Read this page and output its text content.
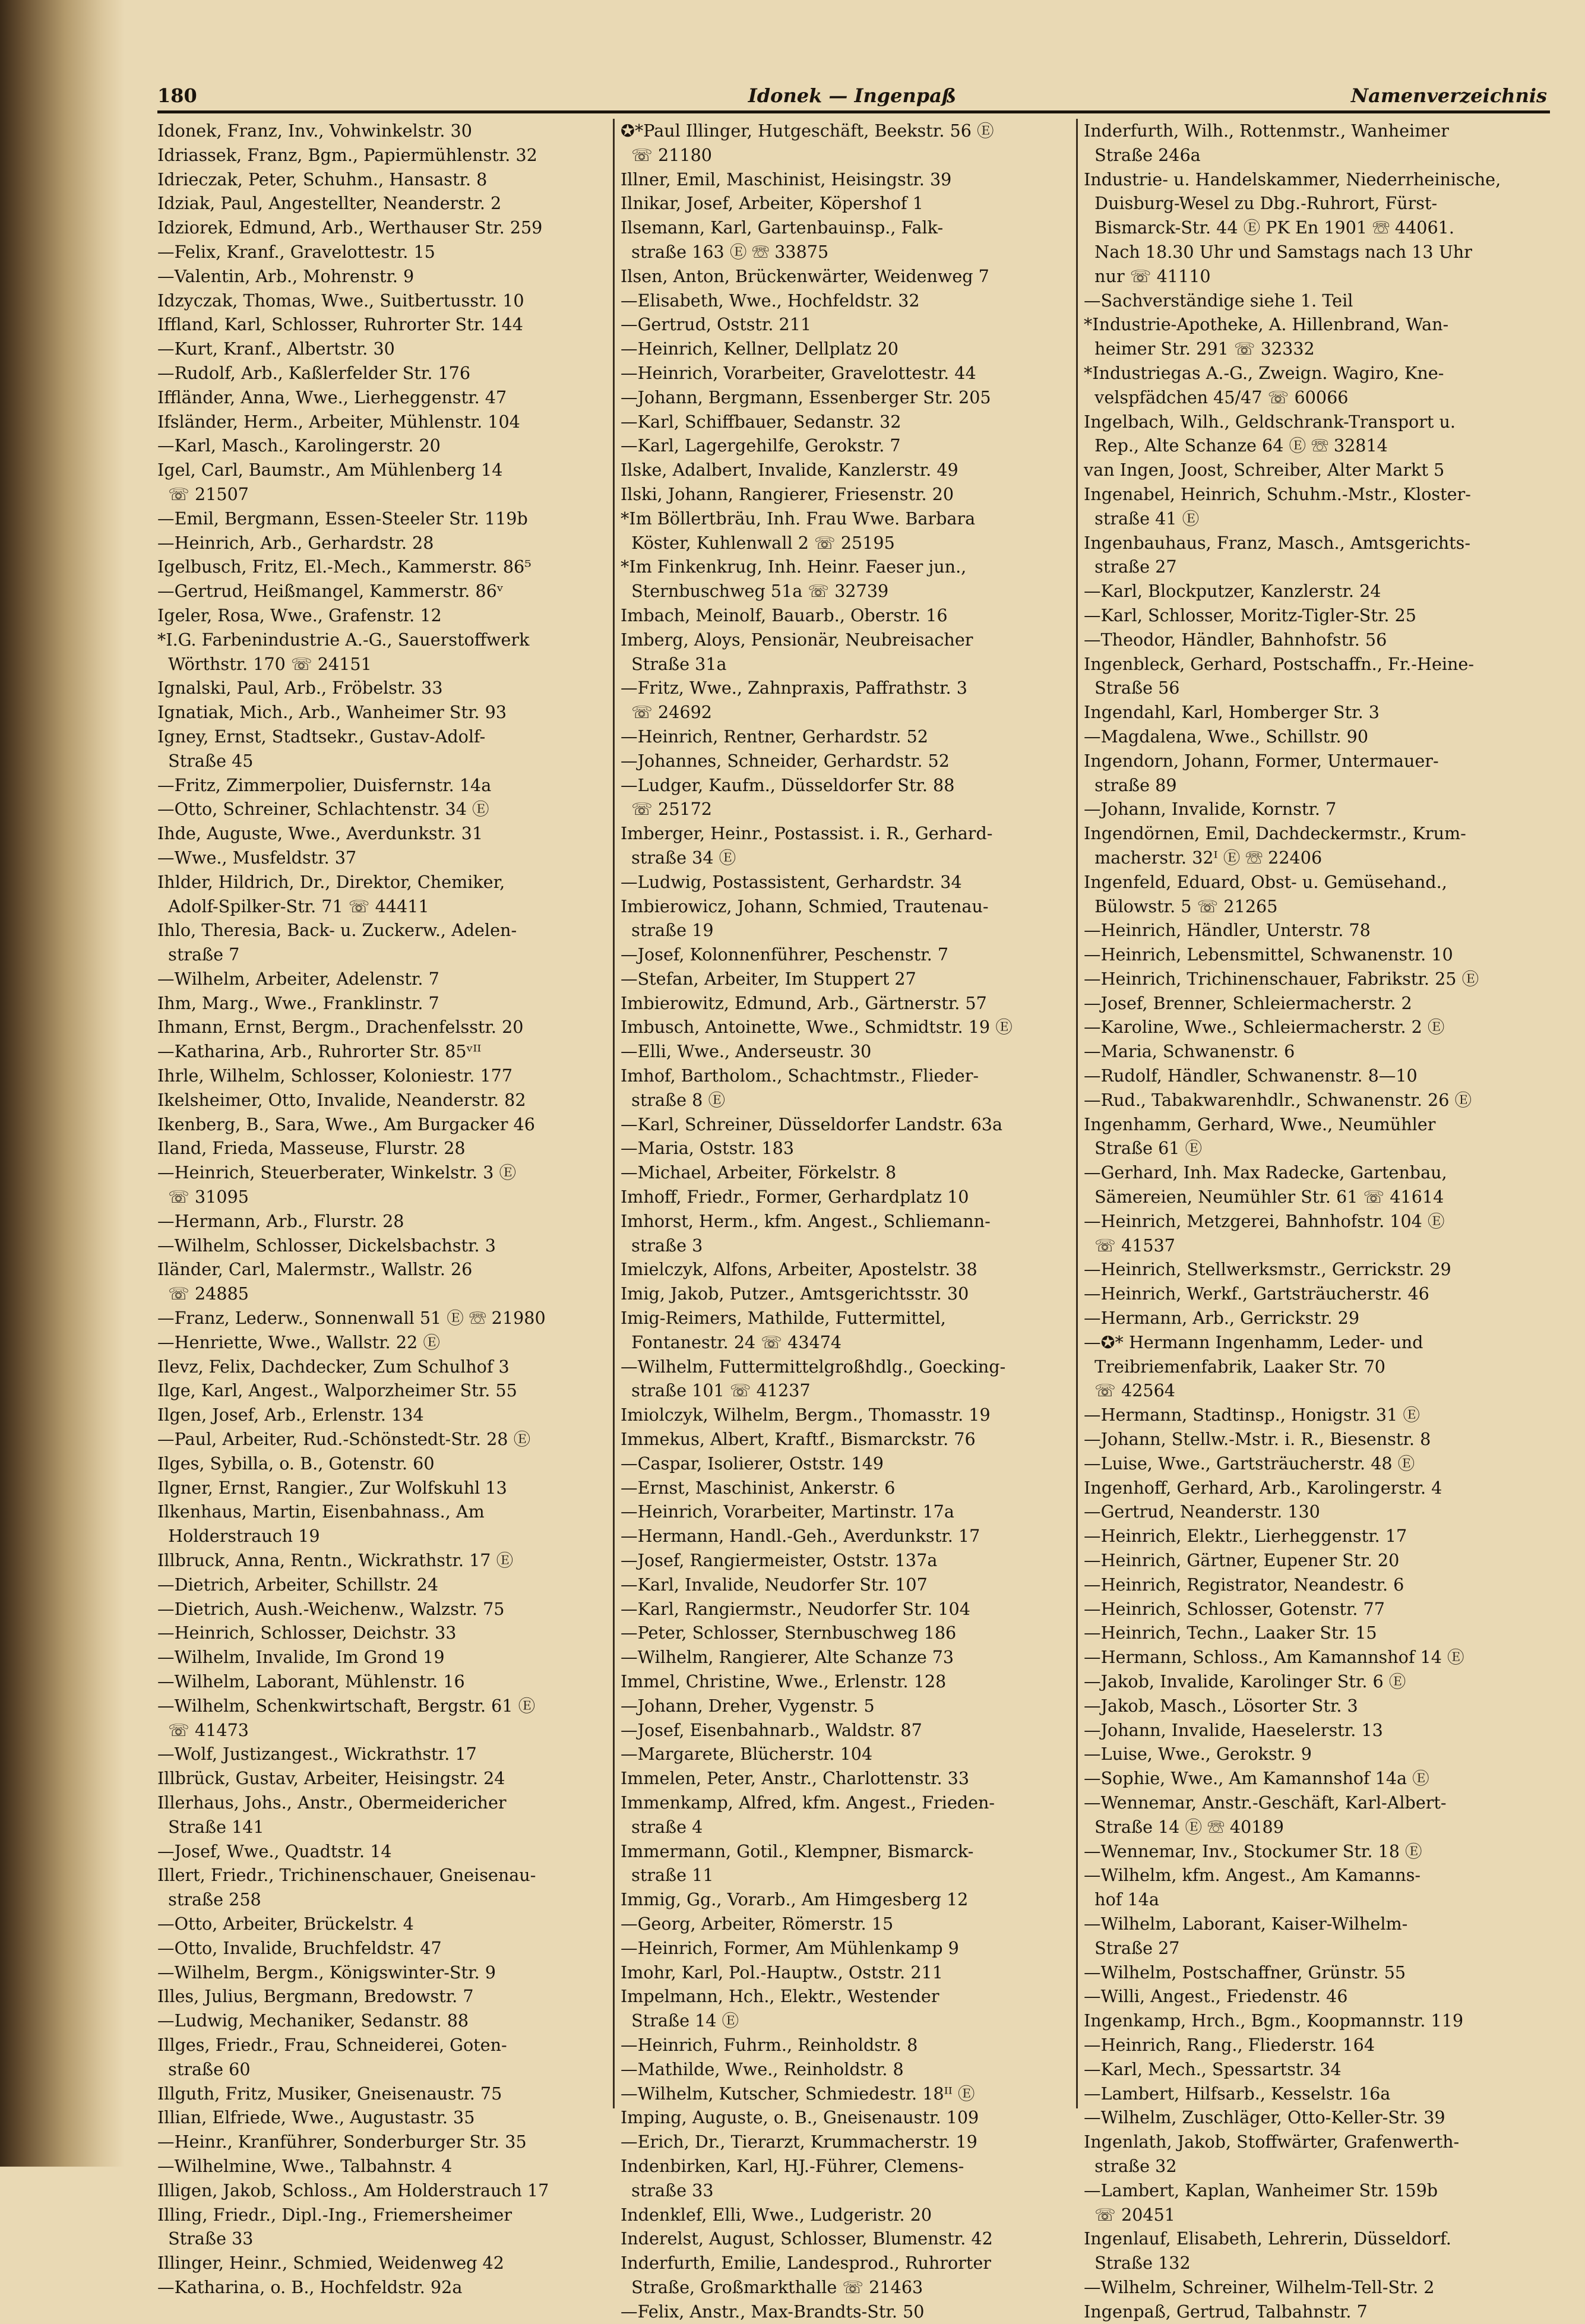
180	Idonek — Ingenpaß	Namenverzeichnis
Idonek, Franz, Inv., Vohwinkelstr. 30
Idriassek, Franz, Bgm., Papiermühlenstr. 32
Idrieczak, Peter, Schuhm., Hansastr. 8
Idziak, Paul, Angestellter, Neanderstr. 2
Idziorek, Edmund, Arb., Werthauser Str. 259
—Felix, Kranf., Gravelottestr. 15
—Valentin, Arb., Mohrenstr. 9
Idzyczak, Thomas, Wwe., Suitbertusstr. 10
Iffland, Karl, Schlosser, Ruhrorter Str. 144
—Kurt, Kranf., Albertstr. 30
—Rudolf, Arb., Kaßlerfelder Str. 176
Iffländer, Anna, Wwe., Lierheggenstr. 47
Ifsländer, Herm., Arbeiter, Mühlenstr. 104
—Karl, Masch., Karolingerstr. 20
Igel, Carl, Baumstr., Am Mühlenberg 14
☏ 21507
—Emil, Bergmann, Essen-Steeler Str. 119b
—Heinrich, Arb., Gerhardstr. 28
Igelbusch, Fritz, El.-Mech., Kammerstr. 86⁵
—Gertrud, Heißmangel, Kammerstr. 86ᵛ
Igeler, Rosa, Wwe., Grafenstr. 12
*I.G. Farbenindustrie A.-G., Sauerstoffwerk
Wörthstr. 170 ☏ 24151
Ignalski, Paul, Arb., Fröbelstr. 33
Ignatiak, Mich., Arb., Wanheimer Str. 93
Igney, Ernst, Stadtsekr., Gustav-Adolf-
Straße 45
—Fritz, Zimmerpolier, Duisfernstr. 14a
—Otto, Schreiner, Schlachtenstr. 34 Ⓔ
Ihde, Auguste, Wwe., Averdunkstr. 31
—Wwe., Musfeldstr. 37
Ihlder, Hildrich, Dr., Direktor, Chemiker,
Adolf-Spilker-Str. 71 ☏ 44411
Ihlo, Theresia, Back- u. Zuckerw., Adelen-
straße 7
—Wilhelm, Arbeiter, Adelenstr. 7
Ihm, Marg., Wwe., Franklinstr. 7
Ihmann, Ernst, Bergm., Drachenfelsstr. 20
—Katharina, Arb., Ruhrorter Str. 85ᵛᴵᴵ
Ihrle, Wilhelm, Schlosser, Koloniestr. 177
Ikelsheimer, Otto, Invalide, Neanderstr. 82
Ikenberg, B., Sara, Wwe., Am Burgacker 46
Iland, Frieda, Masseuse, Flurstr. 28
—Heinrich, Steuerberater, Winkelstr. 3 Ⓔ
☏ 31095
—Hermann, Arb., Flurstr. 28
—Wilhelm, Schlosser, Dickelsbachstr. 3
Iländer, Carl, Malermstr., Wallstr. 26
☏ 24885
—Franz, Lederw., Sonnenwall 51 Ⓔ ☏ 21980
—Henriette, Wwe., Wallstr. 22 Ⓔ
Ilevz, Felix, Dachdecker, Zum Schulhof 3
Ilge, Karl, Angest., Walporzheimer Str. 55
Ilgen, Josef, Arb., Erlenstr. 134
—Paul, Arbeiter, Rud.-Schönstedt-Str. 28 Ⓔ
Ilges, Sybilla, o. B., Gotenstr. 60
Ilgner, Ernst, Rangier., Zur Wolfskuhl 13
Ilkenhaus, Martin, Eisenbahnass., Am
Holderstrauch 19
Illbruck, Anna, Rentn., Wickrathstr. 17 Ⓔ
—Dietrich, Arbeiter, Schillstr. 24
—Dietrich, Aush.-Weichenw., Walzstr. 75
—Heinrich, Schlosser, Deichstr. 33
—Wilhelm, Invalide, Im Grond 19
—Wilhelm, Laborant, Mühlenstr. 16
—Wilhelm, Schenkwirtschaft, Bergstr. 61 Ⓔ
☏ 41473
—Wolf, Justizangest., Wickrathstr. 17
Illbrück, Gustav, Arbeiter, Heisingstr. 24
Illerhaus, Johs., Anstr., Obermeidericher
Straße 141
—Josef, Wwe., Quadtstr. 14
Illert, Friedr., Trichinenschauer, Gneisenau-
straße 258
—Otto, Arbeiter, Brückelstr. 4
—Otto, Invalide, Bruchfeldstr. 47
—Wilhelm, Bergm., Königswinter-Str. 9
Illes, Julius, Bergmann, Bredowstr. 7
—Ludwig, Mechaniker, Sedanstr. 88
Illges, Friedr., Frau, Schneiderei, Goten-
straße 60
Illguth, Fritz, Musiker, Gneisenaustr. 75
Illian, Elfriede, Wwe., Augustastr. 35
—Heinr., Kranführer, Sonderburger Str. 35
—Wilhelmine, Wwe., Talbahnstr. 4
Illigen, Jakob, Schloss., Am Holderstrauch 17
Illing, Friedr., Dipl.-Ing., Friemersheimer
Straße 33
Illinger, Heinr., Schmied, Weidenweg 42
—Katharina, o. B., Hochfeldstr. 92a
✪*Paul Illinger, Hutgeschäft, Beekstr. 56 Ⓔ
☏ 21180
Illner, Emil, Maschinist, Heisingstr. 39
Ilnikar, Josef, Arbeiter, Köpershof 1
Ilsemann, Karl, Gartenbauinsp., Falk-
straße 163 Ⓔ ☏ 33875
Ilsen, Anton, Brückenwärter, Weidenweg 7
—Elisabeth, Wwe., Hochfeldstr. 32
—Gertrud, Oststr. 211
—Heinrich, Kellner, Dellplatz 20
—Heinrich, Vorarbeiter, Gravelottestr. 44
—Johann, Bergmann, Essenberger Str. 205
—Karl, Schiffbauer, Sedanstr. 32
—Karl, Lagergehilfe, Gerokstr. 7
Ilske, Adalbert, Invalide, Kanzlerstr. 49
Ilski, Johann, Rangierer, Friesenstr. 20
*Im Böllertbräu, Inh. Frau Wwe. Barbara
Köster, Kuhlenwall 2 ☏ 25195
*Im Finkenkrug, Inh. Heinr. Faeser jun.,
Sternbuschweg 51a ☏ 32739
Imbach, Meinolf, Bauarb., Oberstr. 16
Imberg, Aloys, Pensionär, Neubreisacher
Straße 31a
—Fritz, Wwe., Zahnpraxis, Paffrathstr. 3
☏ 24692
—Heinrich, Rentner, Gerhardstr. 52
—Johannes, Schneider, Gerhardstr. 52
—Ludger, Kaufm., Düsseldorfer Str. 88
☏ 25172
Imberger, Heinr., Postassist. i. R., Gerhard-
straße 34 Ⓔ
—Ludwig, Postassistent, Gerhardstr. 34
Imbierowicz, Johann, Schmied, Trautenau-
straße 19
—Josef, Kolonnenführer, Peschenstr. 7
—Stefan, Arbeiter, Im Stuppert 27
Imbierowitz, Edmund, Arb., Gärtnerstr. 57
Imbusch, Antoinette, Wwe., Schmidtstr. 19 Ⓔ
—Elli, Wwe., Anderseustr. 30
Imhof, Bartholom., Schachtmstr., Flieder-
straße 8 Ⓔ
—Karl, Schreiner, Düsseldorfer Landstr. 63a
—Maria, Oststr. 183
—Michael, Arbeiter, Förkelstr. 8
Imhoff, Friedr., Former, Gerhardplatz 10
Imhorst, Herm., kfm. Angest., Schliemann-
straße 3
Imielczyk, Alfons, Arbeiter, Apostelstr. 38
Imig, Jakob, Putzer., Amtsgerichtsstr. 30
Imig-Reimers, Mathilde, Futtermittel,
Fontanestr. 24 ☏ 43474
—Wilhelm, Futtermittelgroßhdlg., Goecking-
straße 101 ☏ 41237
Imiolczyk, Wilhelm, Bergm., Thomasstr. 19
Immekus, Albert, Kraftf., Bismarckstr. 76
—Caspar, Isolierer, Oststr. 149
—Ernst, Maschinist, Ankerstr. 6
—Heinrich, Vorarbeiter, Martinstr. 17a
—Hermann, Handl.-Geh., Averdunkstr. 17
—Josef, Rangiermeister, Oststr. 137a
—Karl, Invalide, Neudorfer Str. 107
—Karl, Rangiermstr., Neudorfer Str. 104
—Peter, Schlosser, Sternbuschweg 186
—Wilhelm, Rangierer, Alte Schanze 73
Immel, Christine, Wwe., Erlenstr. 128
—Johann, Dreher, Vygenstr. 5
—Josef, Eisenbahnarb., Waldstr. 87
—Margarete, Blücherstr. 104
Immelen, Peter, Anstr., Charlottenstr. 33
Immenkamp, Alfred, kfm. Angest., Frieden-
straße 4
Immermann, Gotil., Klempner, Bismarck-
straße 11
Immig, Gg., Vorarb., Am Himgesberg 12
—Georg, Arbeiter, Römerstr. 15
—Heinrich, Former, Am Mühlenkamp 9
Imohr, Karl, Pol.-Hauptw., Oststr. 211
Impelmann, Hch., Elektr., Westender
Straße 14 Ⓔ
—Heinrich, Fuhrm., Reinholdstr. 8
—Mathilde, Wwe., Reinholdstr. 8
—Wilhelm, Kutscher, Schmiedestr. 18ᴵᴵ Ⓔ
Imping, Auguste, o. B., Gneisenaustr. 109
—Erich, Dr., Tierarzt, Krummacherstr. 19
Indenbirken, Karl, HJ.-Führer, Clemens-
straße 33
Indenklef, Elli, Wwe., Ludgeristr. 20
Inderelst, August, Schlosser, Blumenstr. 42
Inderfurth, Emilie, Landesprod., Ruhrorter
Straße, Großmarkthalle ☏ 21463
—Felix, Anstr., Max-Brandts-Str. 50
Inderfurth, Wilh., Rottenmstr., Wanheimer
Straße 246a
Industrie- u. Handelskammer, Niederrheinische,
Duisburg-Wesel zu Dbg.-Ruhrort, Fürst-
Bismarck-Str. 44 Ⓔ PK En 1901 ☏ 44061.
Nach 18.30 Uhr und Samstags nach 13 Uhr
nur ☏ 41110
—Sachverständige siehe 1. Teil
*Industrie-Apotheke, A. Hillenbrand, Wan-
heimer Str. 291 ☏ 32332
*Industriegas A.-G., Zweign. Wagiro, Kne-
velspfädchen 45/47 ☏ 60066
Ingelbach, Wilh., Geldschrank-Transport u.
Rep., Alte Schanze 64 Ⓔ ☏ 32814
van Ingen, Joost, Schreiber, Alter Markt 5
Ingenabel, Heinrich, Schuhm.-Mstr., Kloster-
straße 41 Ⓔ
Ingenbauhaus, Franz, Masch., Amtsgerichts-
straße 27
—Karl, Blockputzer, Kanzlerstr. 24
—Karl, Schlosser, Moritz-Tigler-Str. 25
—Theodor, Händler, Bahnhofstr. 56
Ingenbleck, Gerhard, Postschaffn., Fr.-Heine-
Straße 56
Ingendahl, Karl, Homberger Str. 3
—Magdalena, Wwe., Schillstr. 90
Ingendorn, Johann, Former, Untermauer-
straße 89
—Johann, Invalide, Kornstr. 7
Ingendörnen, Emil, Dachdeckermstr., Krum-
macherstr. 32ᴵ Ⓔ ☏ 22406
Ingenfeld, Eduard, Obst- u. Gemüsehand.,
Bülowstr. 5 ☏ 21265
—Heinrich, Händler, Unterstr. 78
—Heinrich, Lebensmittel, Schwanenstr. 10
—Heinrich, Trichinenschauer, Fabrikstr. 25 Ⓔ
—Josef, Brenner, Schleiermacherstr. 2
—Karoline, Wwe., Schleiermacherstr. 2 Ⓔ
—Maria, Schwanenstr. 6
—Rudolf, Händler, Schwanenstr. 8—10
—Rud., Tabakwarenhdlr., Schwanenstr. 26 Ⓔ
Ingenhamm, Gerhard, Wwe., Neumühler
Straße 61 Ⓔ
—Gerhard, Inh. Max Radecke, Gartenbau,
Sämereien, Neumühler Str. 61 ☏ 41614
—Heinrich, Metzgerei, Bahnhofstr. 104 Ⓔ
☏ 41537
—Heinrich, Stellwerksmstr., Gerrickstr. 29
—Heinrich, Werkf., Gartsträucherstr. 46
—Hermann, Arb., Gerrickstr. 29
—✪* Hermann Ingenhamm, Leder- und
Treibriemenfabrik, Laaker Str. 70
☏ 42564
—Hermann, Stadtinsp., Honigstr. 31 Ⓔ
—Johann, Stellw.-Mstr. i. R., Biesenstr. 8
—Luise, Wwe., Gartsträucherstr. 48 Ⓔ
Ingenhoff, Gerhard, Arb., Karolingerstr. 4
—Gertrud, Neanderstr. 130
—Heinrich, Elektr., Lierheggenstr. 17
—Heinrich, Gärtner, Eupener Str. 20
—Heinrich, Registrator, Neandestr. 6
—Heinrich, Schlosser, Gotenstr. 77
—Heinrich, Techn., Laaker Str. 15
—Hermann, Schloss., Am Kamannshof 14 Ⓔ
—Jakob, Invalide, Karolinger Str. 6 Ⓔ
—Jakob, Masch., Lösorter Str. 3
—Johann, Invalide, Haeselerstr. 13
—Luise, Wwe., Gerokstr. 9
—Sophie, Wwe., Am Kamannshof 14a Ⓔ
—Wennemar, Anstr.-Geschäft, Karl-Albert-
Straße 14 Ⓔ ☏ 40189
—Wennemar, Inv., Stockumer Str. 18 Ⓔ
—Wilhelm, kfm. Angest., Am Kamanns-
hof 14a
—Wilhelm, Laborant, Kaiser-Wilhelm-
Straße 27
—Wilhelm, Postschaffner, Grünstr. 55
—Willi, Angest., Friedenstr. 46
Ingenkamp, Hrch., Bgm., Koopmannstr. 119
—Heinrich, Rang., Fliederstr. 164
—Karl, Mech., Spessartstr. 34
—Lambert, Hilfsarb., Kesselstr. 16a
—Wilhelm, Zuschläger, Otto-Keller-Str. 39
Ingenlath, Jakob, Stoffwärter, Grafenwerth-
straße 32
—Lambert, Kaplan, Wanheimer Str. 159b
☏ 20451
Ingenlauf, Elisabeth, Lehrerin, Düsseldorf.
Straße 132
—Wilhelm, Schreiner, Wilhelm-Tell-Str. 2
Ingenpaß, Gertrud, Talbahnstr. 7
